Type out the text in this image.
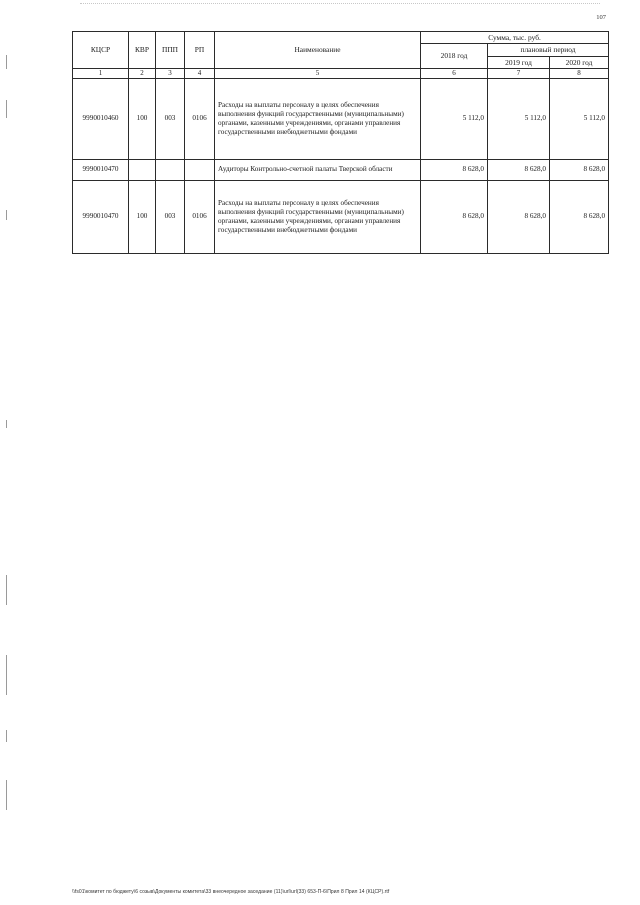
107
КЦСР	КВР	ППП	РП	Наименование	Сумма, тыс. руб.		
					2018 год	плановый период	
						2019 год	2020 год
1	2	3	4	5	6	7	8
9990010460	100	003	0106	Расходы на выплаты персоналу в целях обеспечения выполнения функций государственными (муниципальными) органами, казенными учреждениями, органами управления государственными внебюджетными фондами	5 112,0	5 112,0	5 112,0
9990010470				Аудиторы Контрольно-счетной палаты Тверской области	8 628,0	8 628,0	8 628,0
9990010470	100	003	0106	Расходы на выплаты персоналу в целях обеспечения выполнения функций государственными (муниципальными) органами, казенными учреждениями, органами управления государственными внебюджетными фондами	8 628,0	8 628,0	8 628,0
\\fs01\комитет по бюджету\6 созыв\Документы комитета\33 внеочередное заседание (11)\url\url(33) 653-П-6\Прил 8 Прил 14 (КЦСР).rtf
